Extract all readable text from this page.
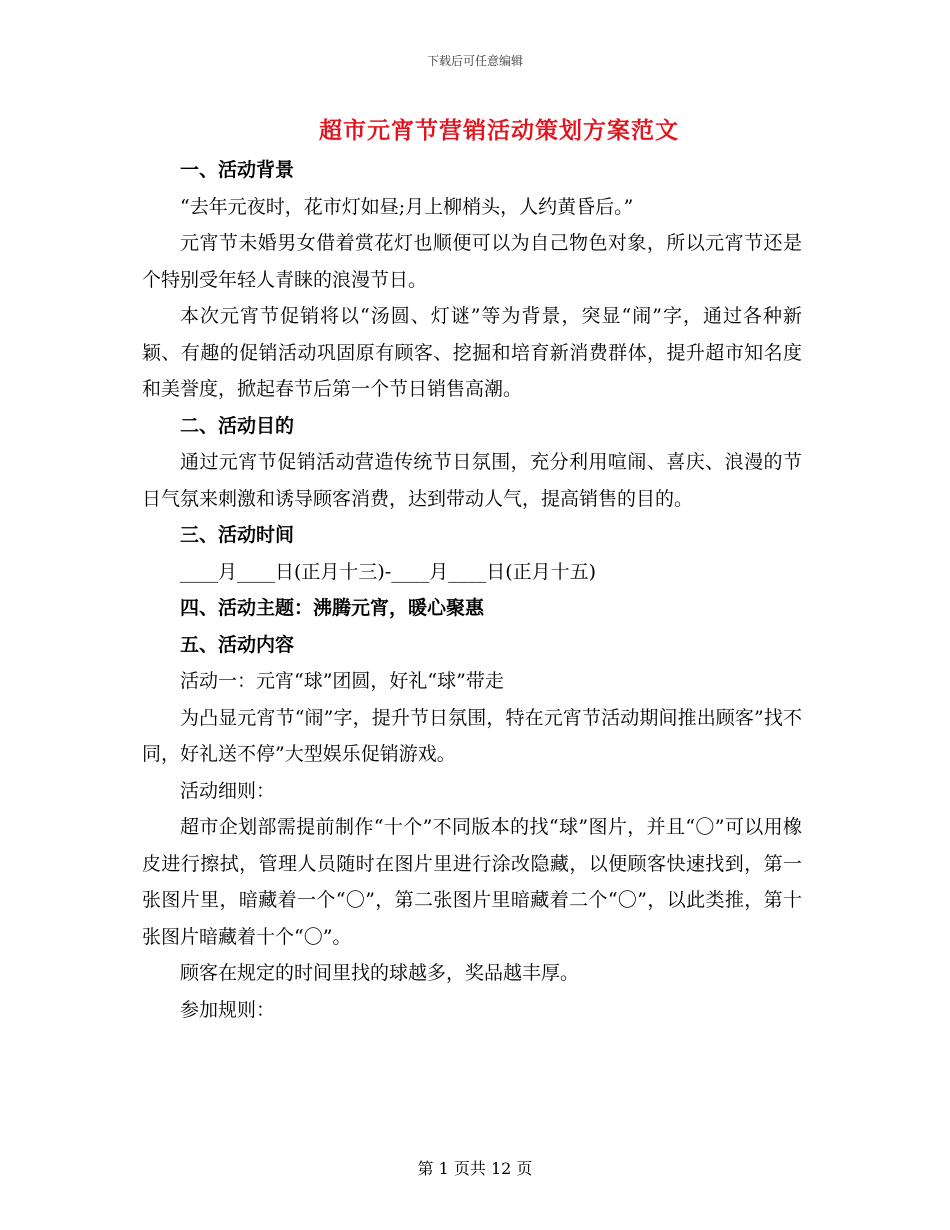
下载后可任意编辑
超市元宵节营销活动策划方案范文

一、活动背景

“去年元夜时，花市灯如昼;月上柳梢头，人约黄昏后。”

元宵节未婚男女借着赏花灯也顺便可以为自己物色对象，所以元宵节还是个特别受年轻人青睐的浪漫节日。

本次元宵节促销将以“汤圆、灯谜”等为背景，突显“闹”字，通过各种新颖、有趣的促销活动巩固原有顾客、挖掘和培育新消费群体，提升超市知名度和美誉度，掀起春节后第一个节日销售高潮。

二、活动目的

通过元宵节促销活动营造传统节日氛围，充分利用喧闹、喜庆、浪漫的节日气氛来刺激和诱导顾客消费，达到带动人气，提高销售的目的。

三、活动时间

____月____日(正月十三)-____月____日(正月十五)

四、活动主题：沸腾元宵，暖心聚惠

五、活动内容

活动一：元宵“球”团圆，好礼“球”带走

为凸显元宵节“闹”字，提升节日氛围，特在元宵节活动期间推出顾客”找不同，好礼送不停”大型娱乐促销游戏。

活动细则：

超市企划部需提前制作“十个”不同版本的找“球”图片，并且“〇”可以用橡皮进行擦拭，管理人员随时在图片里进行涂改隐藏，以便顾客快速找到，第一张图片里，暗藏着一个“〇”，第二张图片里暗藏着二个“〇”，以此类推，第十张图片暗藏着十个“〇”。

顾客在规定的时间里找的球越多，奖品越丰厚。

参加规则：

第 1 页共 12 页
